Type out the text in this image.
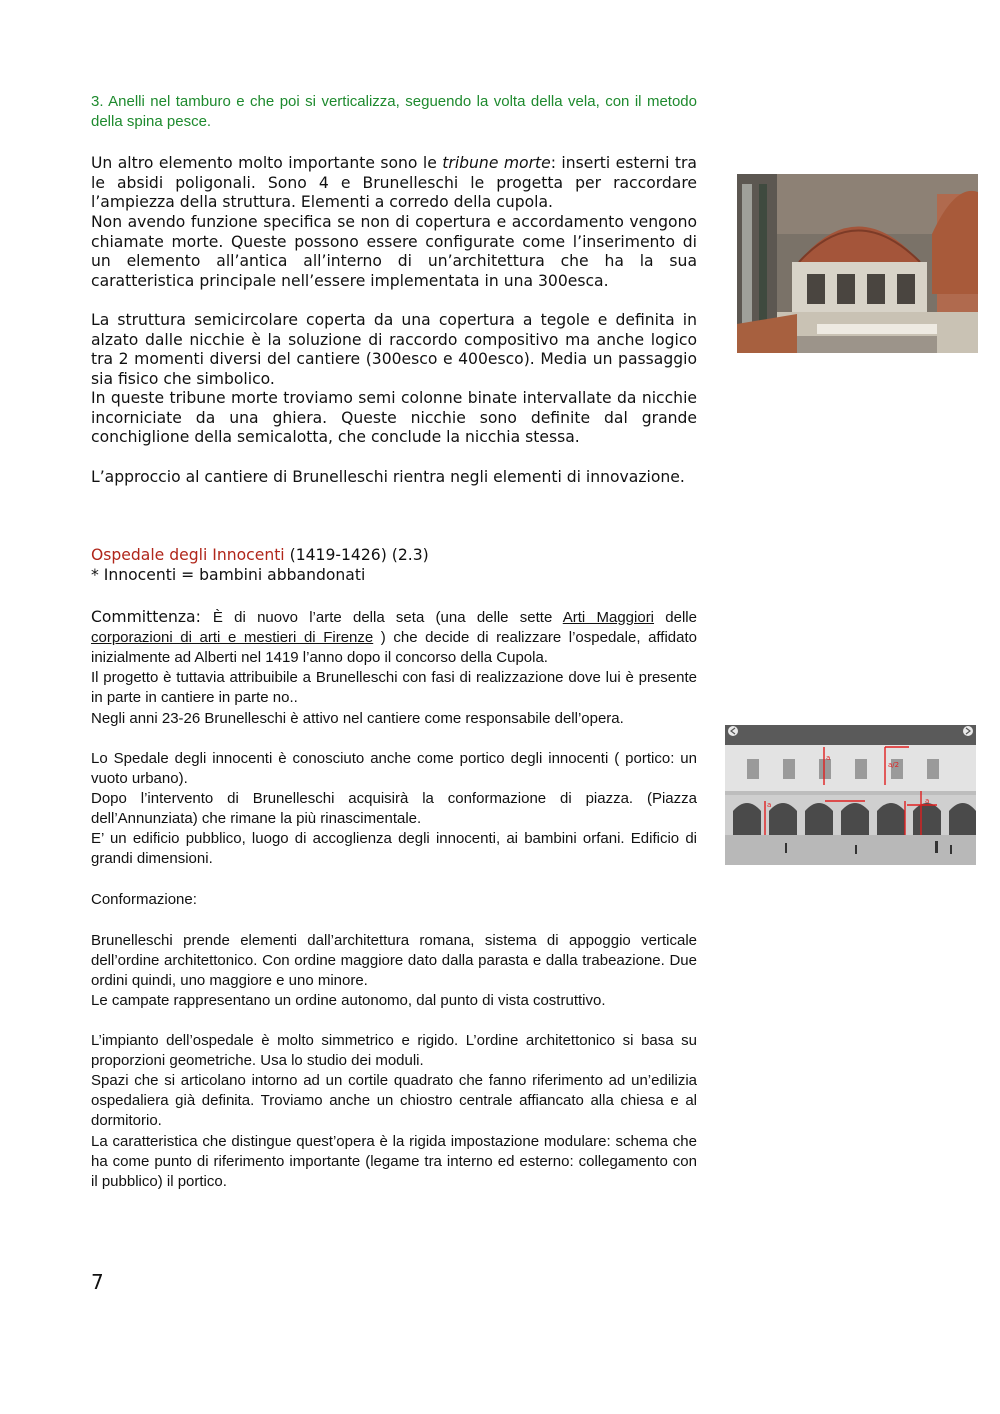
3. Anelli nel tamburo e che poi si verticalizza, seguendo la volta della vela, con il metodo della spina pesce.

Un altro elemento molto importante sono le tribune morte: inserti esterni tra le absidi poligonali. Sono 4 e Brunelleschi le progetta per raccordare l’ampiezza della struttura. Elementi a corredo della cupola.

Non avendo funzione specifica se non di copertura e accordamento vengono chiamate morte. Queste possono essere configurate come l’inserimento di un elemento all’antica all’interno di un’architettura che ha la sua caratteristica principale nell’essere implementata in una 300esca.

La struttura semicircolare coperta da una copertura a tegole e definita in alzato dalle nicchie è la soluzione di raccordo compositivo ma anche logico tra 2 momenti diversi del cantiere (300esco e 400esco). Media un passaggio sia fisico che simbolico.

In queste tribune morte troviamo semi colonne binate intervallate da nicchie incorniciate da una ghiera. Queste nicchie sono definite dal grande conchiglione della semicalotta, che conclude la nicchia stessa.

L’approccio al cantiere di Brunelleschi rientra negli elementi di innovazione.

Ospedale degli Innocenti (1419-1426) (2.3)

* Innocenti = bambini abbandonati

Committenza: È di nuovo l’arte della seta (una delle sette Arti Maggiori delle corporazioni di arti e mestieri di Firenze ) che decide di realizzare l’ospedale, affidato inizialmente ad Alberti nel 1419 l’anno dopo il concorso della Cupola.

Il progetto è tuttavia attribuibile a Brunelleschi con fasi di realizzazione dove lui è presente in parte in cantiere in parte no..

Negli anni 23-26 Brunelleschi è attivo nel cantiere come responsabile dell’opera.

Lo Spedale degli innocenti è conosciuto anche come portico degli innocenti ( portico: un vuoto urbano).

Dopo l’intervento di Brunelleschi acquisirà la conformazione di piazza. (Piazza dell’Annunziata) che rimane la più rinascimentale.

E’ un edificio pubblico, luogo di accoglienza degli innocenti, ai bambini orfani. Edificio di grandi dimensioni.

Conformazione:

Brunelleschi prende elementi dall’architettura romana, sistema di appoggio verticale dell’ordine architettonico. Con ordine maggiore dato dalla parasta e dalla trabeazione. Due ordini quindi, uno maggiore e uno minore.

Le campate rappresentano un ordine autonomo, dal punto di vista costruttivo.

L’impianto dell’ospedale è molto simmetrico e rigido. L’ordine architettonico si basa su proporzioni geometriche. Usa lo studio dei moduli.

Spazi che si articolano intorno ad un cortile quadrato che fanno riferimento ad un’edilizia ospedaliera già definita. Troviamo anche un chiostro centrale affiancato alla chiesa e al dormitorio.

La caratteristica che distingue quest’opera è la rigida impostazione modulare: schema che ha come punto di riferimento importante (legame tra interno ed esterno: collegamento con il pubblico) il portico.

a
a/2
a	a
7
